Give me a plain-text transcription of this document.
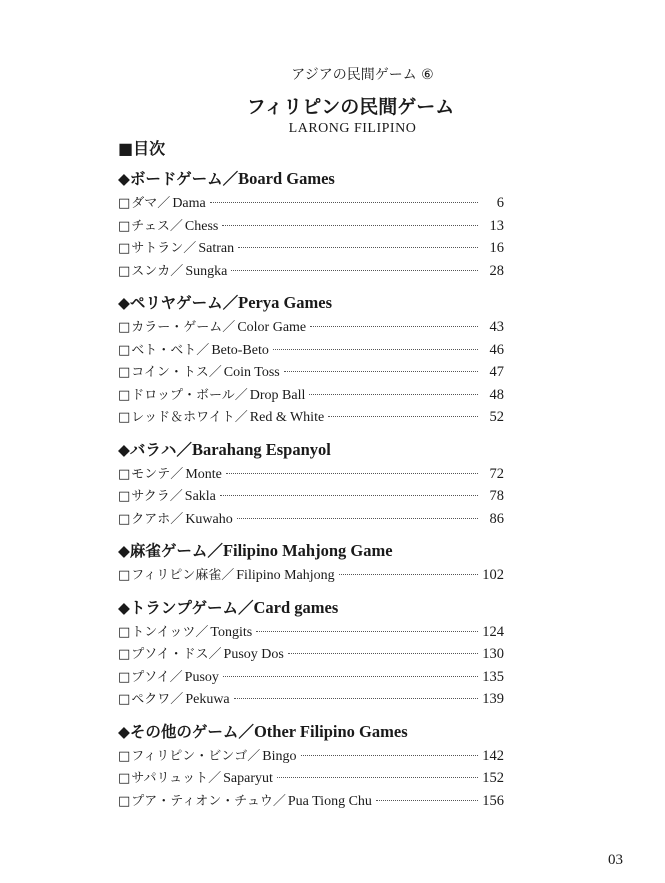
アジアの民間ゲーム ⑥
フィリピンの民間ゲーム
LARONG FILIPINO
■目次
◆ボードゲーム／Board Games
□ ダマ／ Dama	6
□ チェス／ Chess	13
□ サトラン／ Satran	16
□ スンカ／ Sungka	28
◆ペリヤゲーム／Perya Games
□ カラー・ゲーム／ Color Game	43
□ ベト・ベト／ Beto-Beto	46
□ コイン・トス／ Coin Toss	47
□ ドロップ・ボール／ Drop Ball	48
□ レッド＆ホワイト／ Red & White	52
◆バラハ／Barahang Espanyol
□ モンテ／ Monte	72
□ サクラ／ Sakla	78
□ クアホ／ Kuwaho	86
◆麻雀ゲーム／Filipino Mahjong Game
□ フィリピン麻雀／ Filipino Mahjong	102
◆トランプゲーム／Card games
□ トンイッツ／ Tongits	124
□ プソイ・ドス／ Pusoy Dos	130
□ プソイ／ Pusoy	135
□ ペクワ／ Pekuwa	139
◆その他のゲーム／Other Filipino Games
□ フィリピン・ビンゴ／ Bingo	142
□ サパリュット／ Saparyut	152
□ プア・ティオン・チュウ／ Pua Tiong Chu	156
03
